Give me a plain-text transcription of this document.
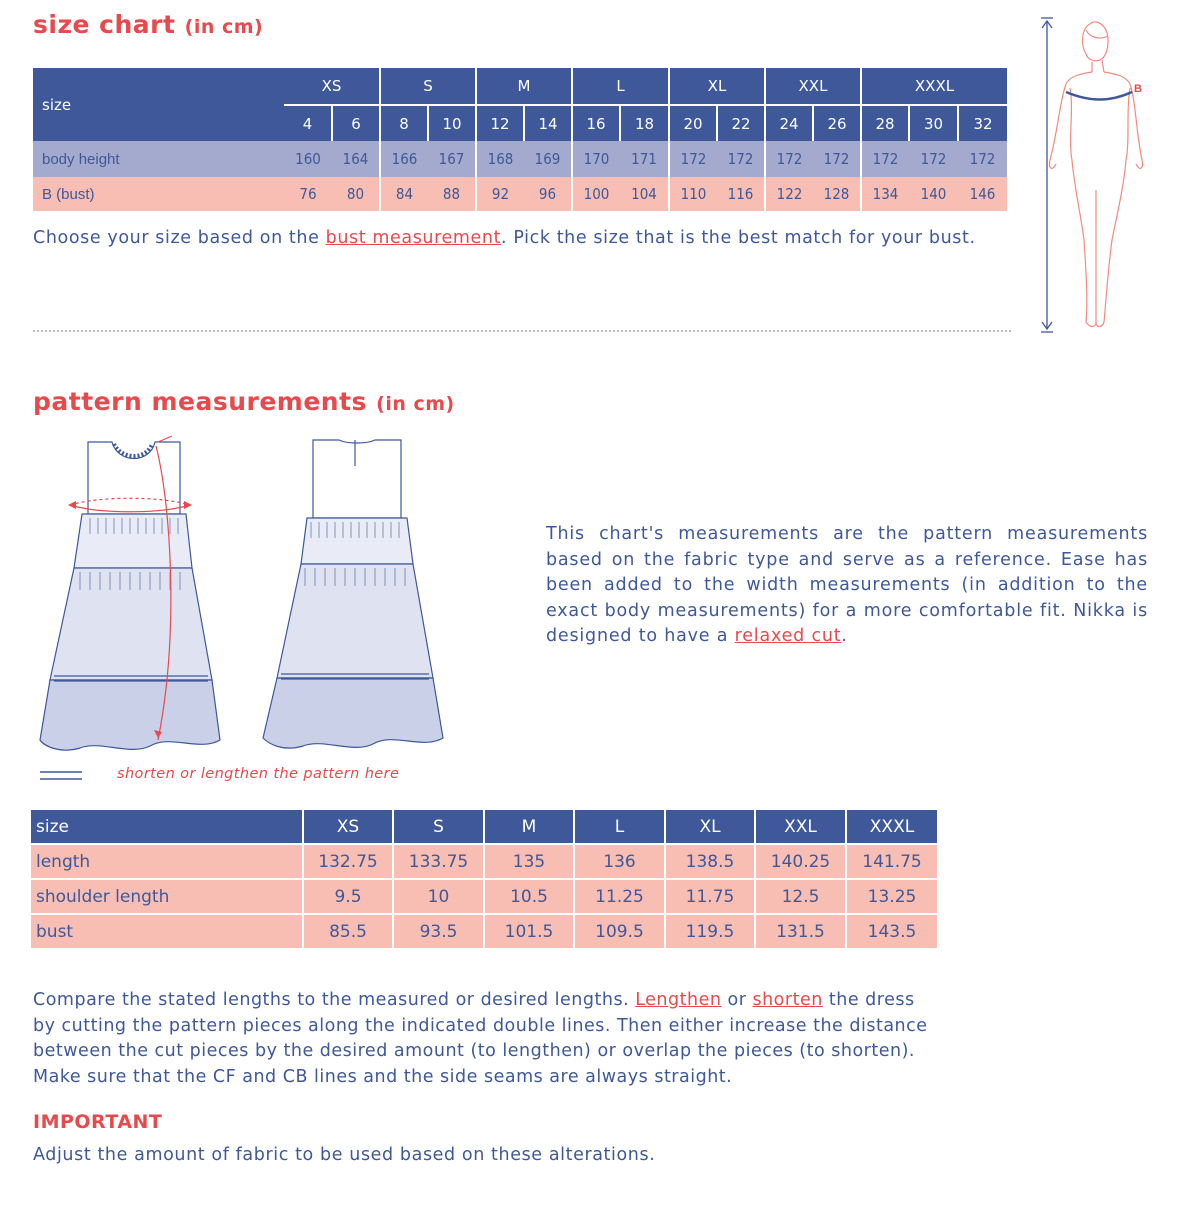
size chart (in cm)
size	XS		S		M		L		XL		XXL		XXXL		
	4	6	8	10	12	14	16	18	20	22	24	26	28	30	32
body height	160	164	166	167	168	169	170	171	172	172	172	172	172	172	172
B (bust)	76	80	84	88	92	96	100	104	110	116	122	128	134	140	146

Choose your size based on the bust measurement. Pick the size that is the best match for your bust.

B
pattern measurements (in cm)

shorten or lengthen the pattern here

This chart's measurements are the pattern measurements based on the fabric type and serve as a reference. Ease has been added to the width measurements (in addition to the exact body measurements) for a more comfortable fit. Nikka is designed to have a relaxed cut.

size	XS	S	M	L	XL	XXL	XXXL
length	132.75	133.75	135	136	138.5	140.25	141.75
shoulder length	9.5	10	10.5	11.25	11.75	12.5	13.25
bust	85.5	93.5	101.5	109.5	119.5	131.5	143.5

Compare the stated lengths to the measured or desired lengths. Lengthen or shorten the dress by cutting the pattern pieces along the indicated double lines. Then either increase the distance between the cut pieces by the desired amount (to lengthen) or overlap the pieces (to shorten). Make sure that the CF and CB lines and the side seams are always straight.

IMPORTANT

Adjust the amount of fabric to be used based on these alterations.
